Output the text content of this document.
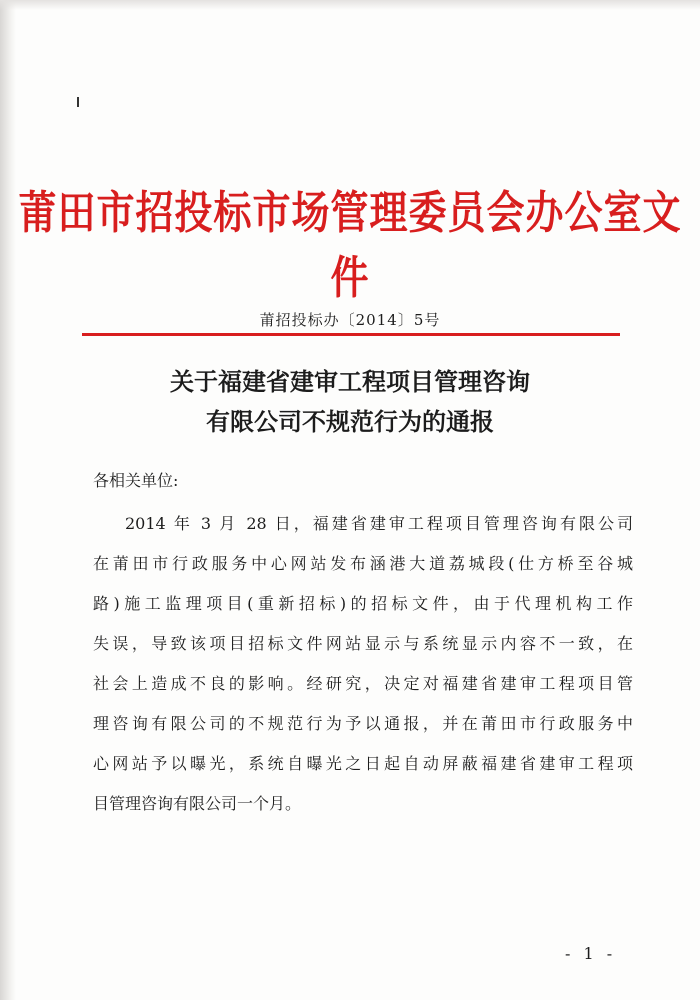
莆田市招投标市场管理委员会办公室文件
莆招投标办〔2014〕5号
关于福建省建审工程项目管理咨询
有限公司不规范行为的通报
各相关单位:
2014 年 3 月 28 日，福建省建审工程项目管理咨询有限公司
在莆田市行政服务中心网站发布涵港大道荔城段(仕方桥至谷城
路)施工监理项目(重新招标)的招标文件，由于代理机构工作
失误，导致该项目招标文件网站显示与系统显示内容不一致，在
社会上造成不良的影响。经研究，决定对福建省建审工程项目管
理咨询有限公司的不规范行为予以通报，并在莆田市行政服务中
心网站予以曝光，系统自曝光之日起自动屏蔽福建省建审工程项
目管理咨询有限公司一个月。
- 1 -
